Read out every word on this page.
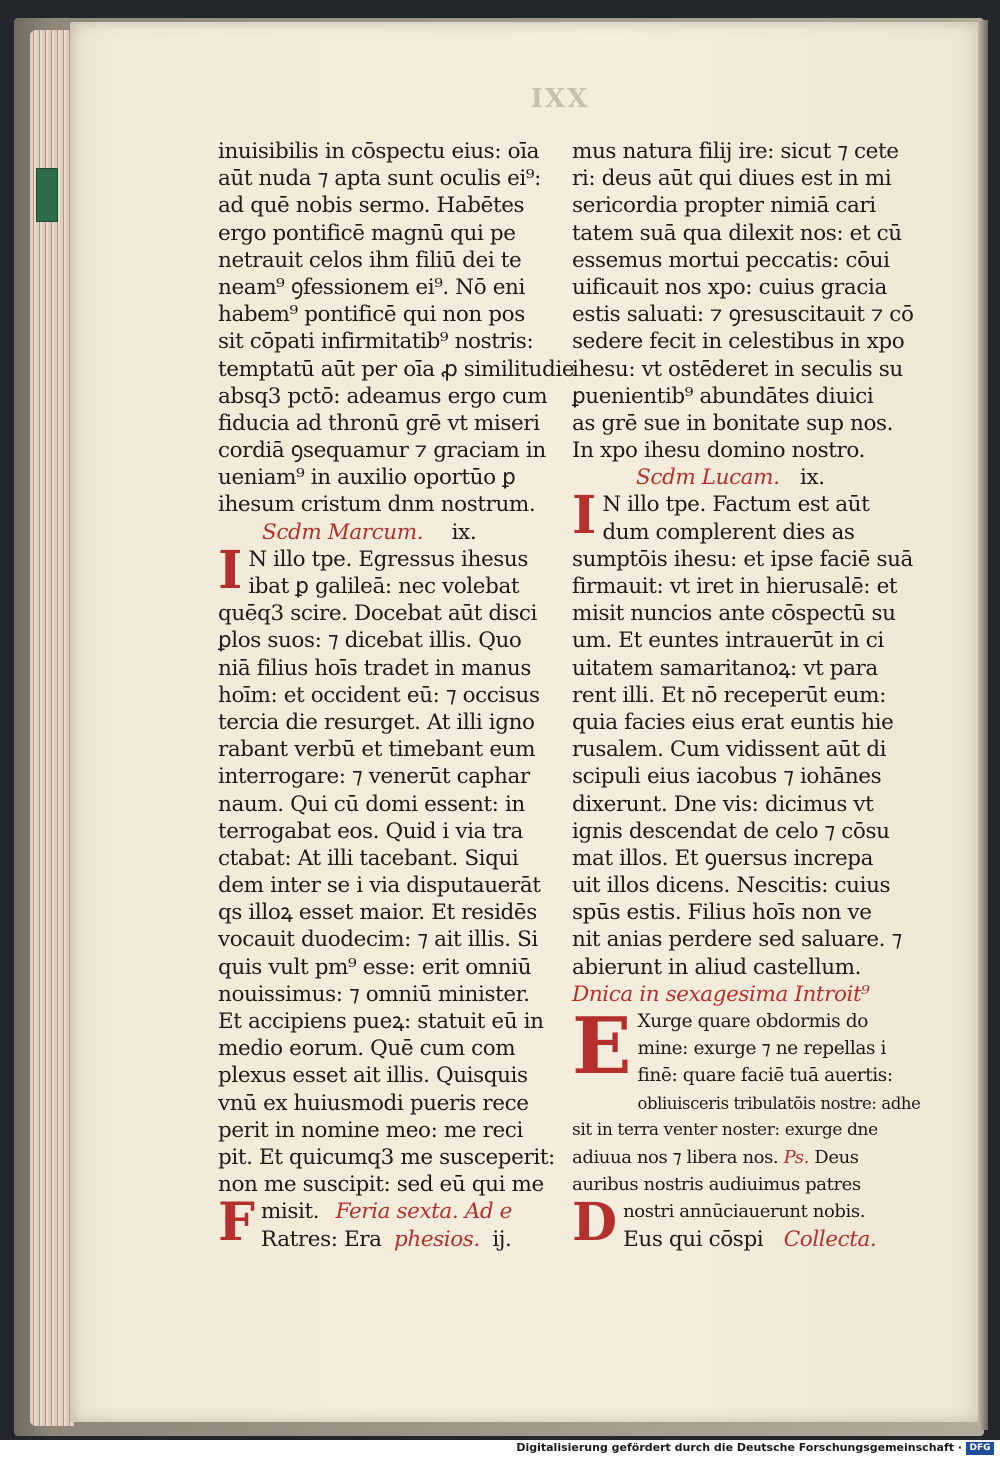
IXX
inuisibilis in cōspectu eius: oīa
aūt nuda ⁊ apta sunt oculis ei⁹:
ad quē nobis sermo. Habētes
ergo pontificē magnū qui pe
netrauit celos ihm filiū dei te
neam⁹ ꝯfessionem ei⁹. Nō eni
habem⁹ pontificē qui non pos
sit cōpati infirmitatib⁹ nostris:
temptatū aūt per oīa ꝓ similitudie
absq3 pctō: adeamus ergo cum
fiducia ad thronū grē vt miseri
cordiā ꝯsequamur ⁊ graciam in
ueniam⁹ in auxilio oportūo ꝑ
ihesum cristum dnm nostrum.
Scdm Marcum. ix.
I N illo tpe. Egressus ihesus
ibat ꝑ galileā: nec volebat
quēq3 scire. Docebat aūt disci
ꝑlos suos: ⁊ dicebat illis. Quo
niā filius hoīs tradet in manus
hoīm: et occident eū: ⁊ occisus
tercia die resurget. At illi igno
rabant verbū et timebant eum
interrogare: ⁊ venerūt caphar
naum. Qui cū domi essent: in
terrogabat eos. Quid i via tra
ctabat: At illi tacebant. Siqui
dem inter se i via disputauerāt
qs illoꝝ esset maior. Et residēs
vocauit duodecim: ⁊ ait illis. Si
quis vult pm⁹ esse: erit omniū
nouissimus: ⁊ omniū minister.
Et accipiens pueꝝ: statuit eū in
medio eorum. Quē cum com
plexus esset ait illis. Quisquis
vnū ex huiusmodi pueris rece
perit in nomine meo: me reci
pit. Et quicumq3 me susceperit:
non me suscipit: sed eū qui me
F misit. Feria sexta. Ad e
Ratres: Era phesios. ij.
mus natura filij ire: sicut ⁊ cete
ri: deus aūt qui diues est in mi
sericordia propter nimiā cari
tatem suā qua dilexit nos: et cū
essemus mortui peccatis: cōui
uificauit nos xpo: cuius gracia
estis saluati: ⁊ ꝯresuscitauit ⁊ cō
sedere fecit in celestibus in xpo
ihesu: vt ostēderet in seculis su
ꝑuenientib⁹ abundātes diuici
as grē sue in bonitate sup nos.
In xpo ihesu domino nostro.
Scdm Lucam. ix.
I N illo tpe. Factum est aūt
dum complerent dies as
sumptōis ihesu: et ipse faciē suā
firmauit: vt iret in hierusalē: et
misit nuncios ante cōspectū su
um. Et euntes intrauerūt in ci
uitatem samaritanoꝝ: vt para
rent illi. Et nō receperūt eum:
quia facies eius erat euntis hie
rusalem. Cum vidissent aūt di
scipuli eius iacobus ⁊ iohānes
dixerunt. Dne vis: dicimus vt
ignis descendat de celo ⁊ cōsu
mat illos. Et ꝯuersus increpa
uit illos dicens. Nescitis: cuius
spūs estis. Filius hoīs non ve
nit anias perdere sed saluare. ⁊
abierunt in aliud castellum.
Dnica in sexagesima Introit⁹
E Xurge quare obdormis do
mine: exurge ⁊ ne repellas i
finē: quare faciē tuā auertis:
obliuisceris tribulatōis nostre: adhe
sit in terra venter noster: exurge dne
adiuua nos ⁊ libera nos. Ps. Deus
auribus nostris audiuimus patres
D nostri annūciauerunt nobis.
Eus qui cōspi Collecta.
Digitalisierung gefördert durch die Deutsche Forschungsgemeinschaft · DFG
